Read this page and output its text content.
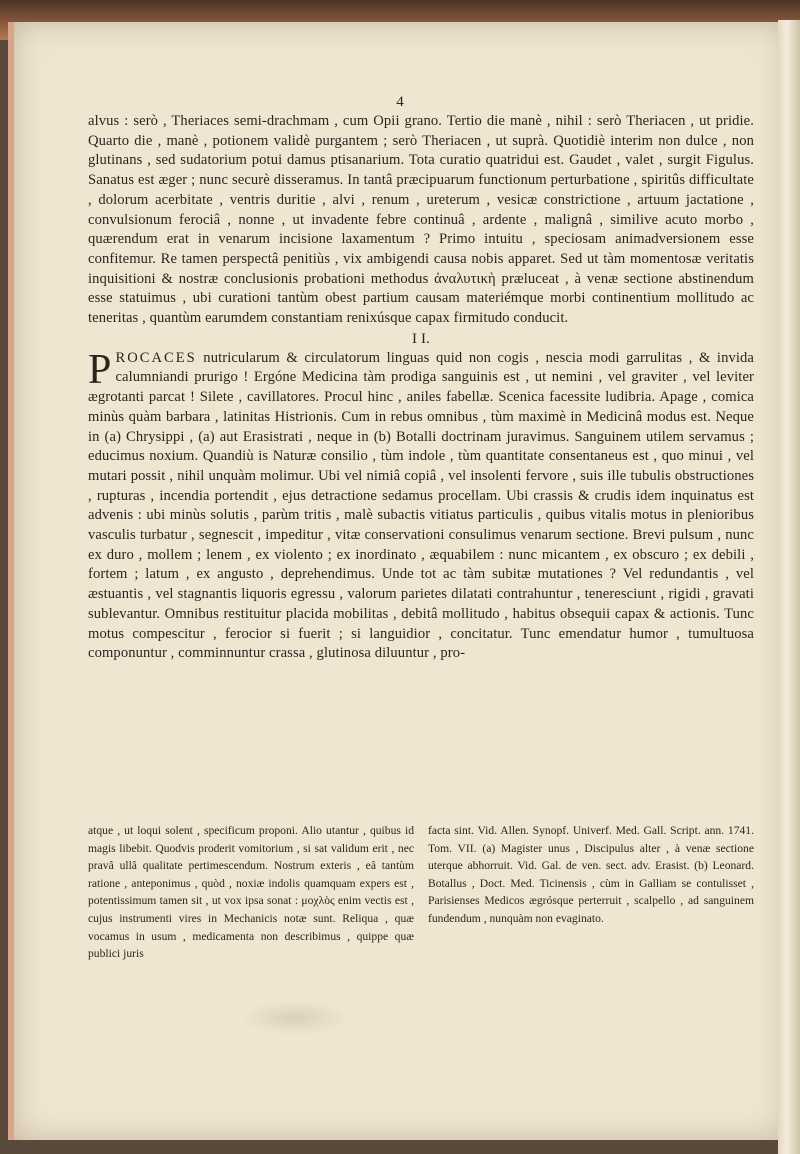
4

alvus : serò , Theriaces semi-drachmam , cum Opii grano. Tertio die manè , nihil : serò Theriacen , ut pridie. Quarto die , manè , potionem validè purgantem ; serò Theriacen , ut suprà. Quotidiè interim non dulce , non glutinans , sed sudatorium potui damus ptisanarium. Tota curatio quatridui est. Gaudet , valet , surgit Figulus. Sanatus est æger ; nunc securè disseramus. In tantâ præcipuarum functionum perturbatione , spiritûs difficultate , dolorum acerbitate , ventris duritie , alvi , renum , ureterum , vesicæ constrictione , artuum jactatione , convulsionum ferociâ , nonne , ut invadente febre continuâ , ardente , malignâ , similive acuto morbo , quærendum erat in venarum incisione laxamentum ? Primo intuitu , speciosam animadversionem esse confitemur. Re tamen perspectâ penitiùs , vix ambigendi causa nobis apparet. Sed ut tàm momentosæ veritatis inquisitioni & nostræ conclusionis probationi methodus ἀναλυτικὴ præluceat , à venæ sectione abstinendum esse statuimus , ubi curationi tantùm obest partium causam materiémque morbi continentium mollitudo ac teneritas , quantùm earumdem constantiam renixúsque capax firmitudo conducit.

I I.

PROCACES nutricularum & circulatorum linguas quid non cogis , nescia modi garrulitas , & invida calumniandi prurigo ! Ergóne Medicina tàm prodiga sanguinis est , ut nemini , vel graviter , vel leviter ægrotanti parcat ! Silete , cavillatores. Procul hinc , aniles fabellæ. Scenica facessite ludibria. Apage , comica minùs quàm barbara , latinitas Histrionis. Cum in rebus omnibus , tùm maximè in Medicinâ modus est. Neque in (a) Chrysippi , (a) aut Erasistrati , neque in (b) Botalli doctrinam juravimus. Sanguinem utilem servamus ; educimus noxium. Quandiù is Naturæ consilio , tùm indole , tùm quantitate consentaneus est , quo minui , vel mutari possit , nihil unquàm molimur. Ubi vel nimiâ copiâ , vel insolenti fervore , suis ille tubulis obstructiones , rupturas , incendia portendit , ejus detractione sedamus procellam. Ubi crassis & crudis idem inquinatus est advenis : ubi minùs solutis , parùm tritis , malè subactis vitiatus particulis , quibus vitalis motus in plenioribus vasculis turbatur , segnescit , impeditur , vitæ conservationi consulimus venarum sectione. Brevi pulsum , nunc ex duro , mollem ; lenem , ex violento ; ex inordinato , æquabilem : nunc micantem , ex obscuro ; ex debili , fortem ; latum , ex angusto , deprehendimus. Unde tot ac tàm subitæ mutationes ? Vel redundantis , vel æstuantis , vel stagnantis liquoris egressu , valorum parietes dilatati contrahuntur , teneresciunt , rigidi , gravati sublevantur. Omnibus restituitur placida mobilitas , debitâ mollitudo , habitus obsequii capax & actionis. Tunc motus compescitur , ferocior si fuerit ; si languidior , concitatur. Tunc emendatur humor , tumultuosa componuntur , comminnuntur crassa , glutinosa diluuntur , pro-

atque , ut loqui solent , specificum proponi. Alio utantur , quibus id magis libebit. Quodvis proderit vomitorium , si sat validum erit , nec pravâ ullâ qualitate pertimescendum. Nostrum exteris , eâ tantùm ratione , anteponimus , quòd , noxiæ indolis quamquam expers est , potentissimum tamen sit , ut vox ipsa sonat : μοχλὸς enim vectis est , cujus instrumenti vires in Mechanicis notæ sunt. Reliqua , quæ vocamus in usum , medicamenta non describimus , quippe quæ publici juris

facta sint. Vid. Allen. Synopf. Univerf. Med. Gall. Script. ann. 1741. Tom. VII. (a) Magister unus , Discipulus alter , à venæ sectione uterque abhorruit. Vid. Gal. de ven. sect. adv. Erasist. (b) Leonard. Botallus , Doct. Med. Ticinensis , cùm in Galliam se contulisset , Parisienses Medicos ægrósque perterruit , scalpello , ad sanguinem fundendum , nunquàm non evaginato.
